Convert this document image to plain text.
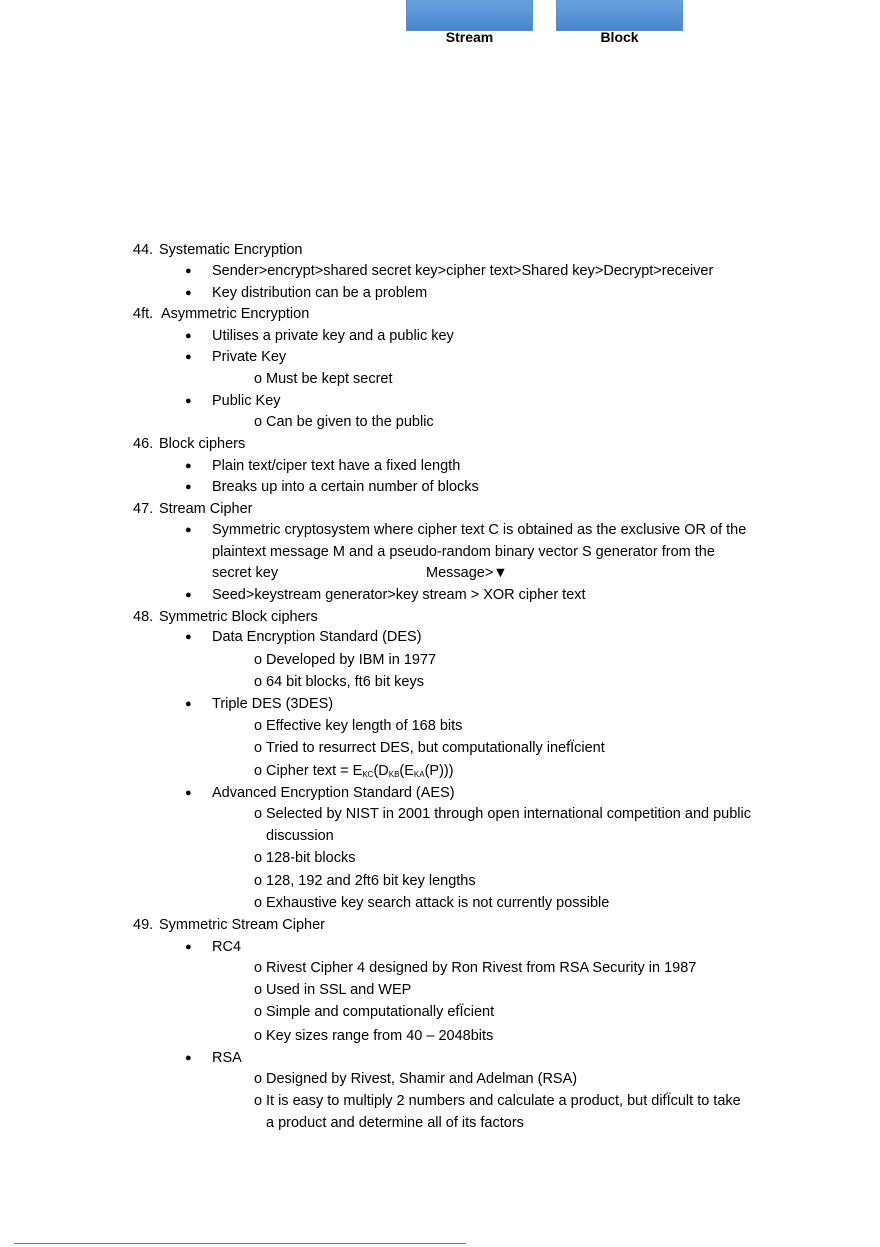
Stream	Block
44. Systematic Encryption
● Sender>encrypt>shared secret key>cipher text>Shared key>Decrypt>receiver
● Key distribution can be a problem
4ft. Asymmetric Encryption
● Utilises a private key and a public key
● Private Key
o Must be kept secret
● Public Key
o Can be given to the public
46. Block ciphers
● Plain text/ciper text have a fixed length
● Breaks up into a certain number of blocks
47. Stream Cipher
● Symmetric cryptosystem where cipher text C is obtained as the exclusive OR of the
plaintext message M and a pseudo-random binary vector S generator from the
secret key	Message>▼
● Seed>keystream generator>key stream > XOR cipher text
48. Symmetric Block ciphers
● Data Encryption Standard (DES)
o Developed by IBM in 1977
o 64 bit blocks, ft6 bit keys
● Triple DES (3DES)
o Effective key length of 168 bits
o Tried to resurrect DES, but computationally inefÏcient
o Cipher text = $E_{KC}(D_{KB}(E_{KA}(P)))$
● Advanced Encryption Standard (AES)
o Selected by NIST in 2001 through open international competition and public
discussion
o 128-bit blocks
o 128, 192 and 2ft6 bit key lengths
o Exhaustive key search attack is not currently possible
49. Symmetric Stream Cipher
● RC4
o Rivest Cipher 4 designed by Ron Rivest from RSA Security in 1987
o Used in SSL and WEP
o Simple and computationally efÏcient
o Key sizes range from 40 – 2048bits
● RSA
o Designed by Rivest, Shamir and Adelman (RSA)
o It is easy to multiply 2 numbers and calculate a product, but difÏcult to take
a product and determine all of its factors
